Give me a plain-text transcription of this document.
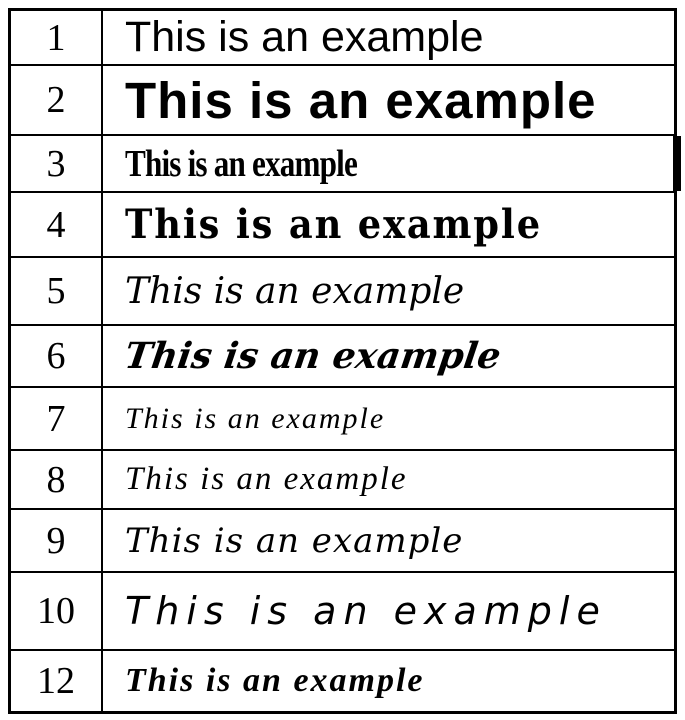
1	This is an example
2	This is an example
3	This is an example
4	This is an example
5	This is an example
6	This is an example
7	This is an example
8	This is an example
9	This is an example
10	This is an example
12	This is an example
